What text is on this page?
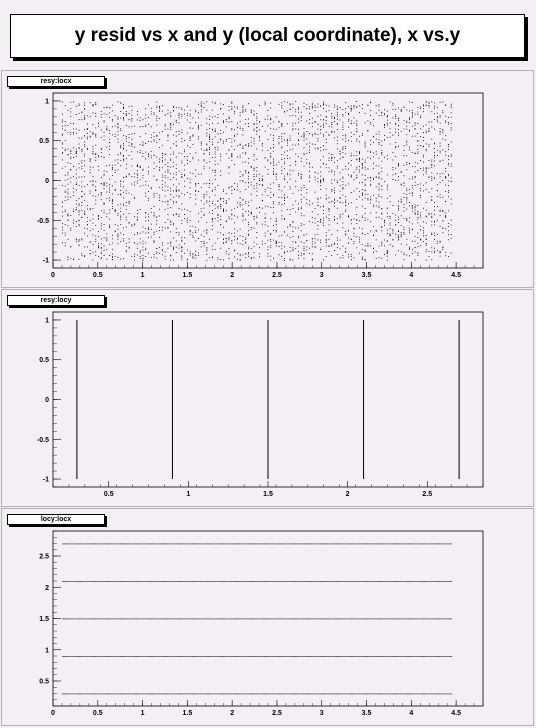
y resid vs x and y (local coordinate), x vs.y
resy:locx
resy:locy
locy:locx
0	0.5	1	1.5	2	2.5	3	3.5	4	4.5
-1
-0.5
0
0.5
1
0.5	1	1.5	2	2.5
-1
-0.5
0
0.5
1
0	0.5	1	1.5	2	2.5	3	3.5	4	4.5
0.5
1
1.5
2
2.5
